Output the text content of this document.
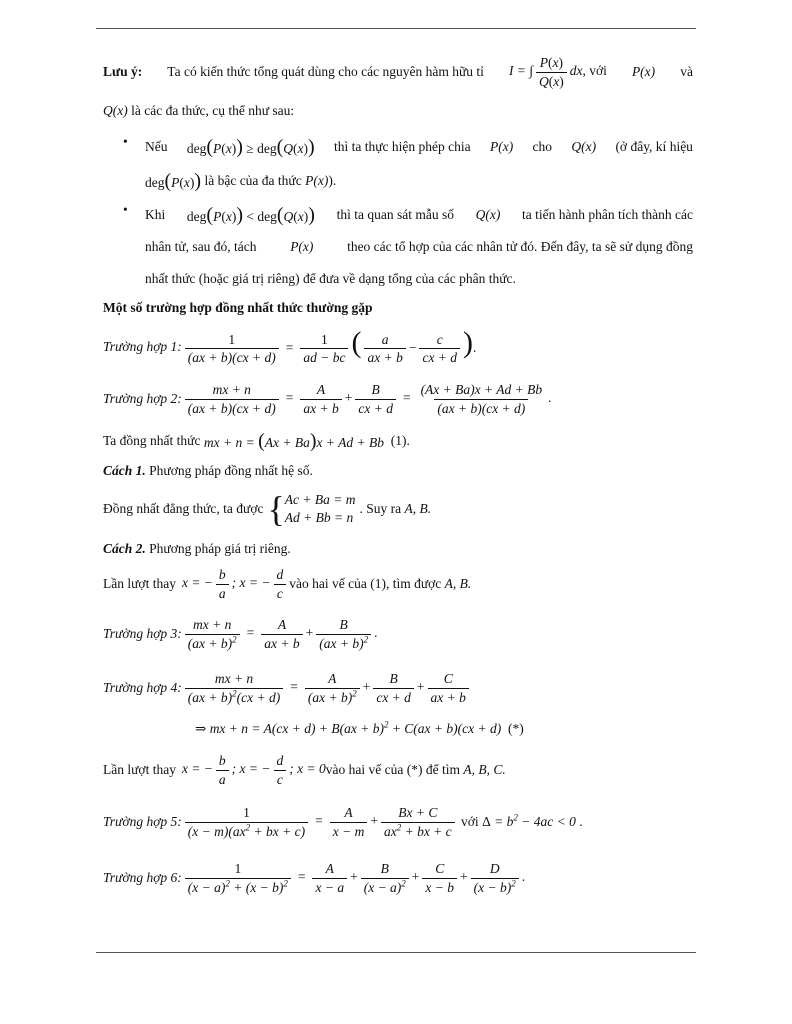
Lưu ý: Ta có kiến thức tổng quát dùng cho các nguyên hàm hữu tỉ I = ∫ $\frac{P(x)}{Q(x)}$ dx, với P(x) và
Q(x)
là các đa thức, cụ thể như sau:
• Nếu deg(P(x)) ≥ deg(Q(x)) thì ta thực hiện phép chia P(x) cho Q(x) (ở đây, kí hiệu
deg(P(x))
là bậc của đa thức
P(x) ).
• Khi deg(P(x)) < deg(Q(x)) thì ta quan sát mẫu số Q(x) ta tiến hành phân tích thành các
nhân tử, sau đó, tách P(x) theo các tổ hợp của các nhân tử đó. Đến đây, ta sẽ sử dụng đồng
nhất thức (hoặc giá trị riêng) để đưa về dạng tổng của các phân thức.
Một số trường hợp đồng nhất thức thường gặp
Trường hợp 1: $\frac{1}{(ax + b)(cx + d)} = \frac{1}{ad - bc}$ ( $\frac{a}{ax + b} - \frac{c}{cx + d}$ ).
Trường hợp 2: $\frac{mx + n}{(ax + b)(cx + d)} = \frac{A}{ax + b} + \frac{B}{cx + d} = \frac{(Ax + Ba)x + Ad + Bb}{(ax + b)(cx + d)}$ .
Ta đồng nhất thức
mx + n = (Ax + Ba)x + Ad + Bb
(1).
Cách 1.
Phương pháp đồng nhất hệ số.
Đồng nhất đẳng thức, ta được { Ac + Ba = m
Ad + Bb = n
. Suy ra
A, B.
Cách 2.
Phương pháp giá trị riêng.
Lần lượt thay x = − $\frac{b}{a}$ ; x = − $\frac{d}{c}$ vào hai vế của (1), tìm được
A, B.
Trường hợp 3: $\frac{mx + n}{(ax + b)^2} = \frac{A}{ax + b} + \frac{B}{(ax + b)^2}$ .
Trường hợp 4: $\frac{mx + n}{(ax + b)^2(cx + d)} = \frac{A}{(ax + b)^2} + \frac{B}{cx + d} + \frac{C}{ax + b}$
⇒ mx + n = A(cx + d) + B(ax + b)$^2$ + C(ax + b)(cx + d)
(*)
Lần lượt thay x = − $\frac{b}{a}$ ; x = − $\frac{d}{c}$ ; x = 0 vào hai vế của (*) để tìm
A, B, C.
Trường hợp 5: $\frac{1}{(x - m)(ax^2 + bx + c)} = \frac{A}{x - m} + \frac{Bx + C}{ax^2 + bx + c}$
với
$\Delta = b^2 - 4ac < 0$ .
Trường hợp 6: $\frac{1}{(x - a)^2 + (x - b)^2} = \frac{A}{x - a} + \frac{B}{(x - a)^2} + \frac{C}{x - b} + \frac{D}{(x - b)^2}$ .
